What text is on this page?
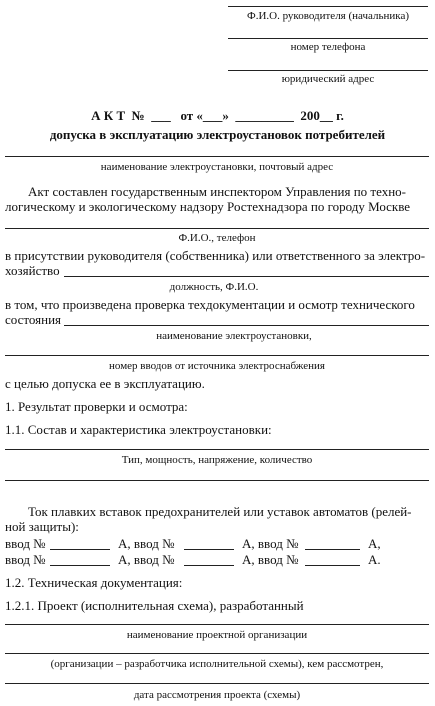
Ф.И.О. руководителя (начальника)
номер телефона
юридический адрес
А К Т  №  ___   от «___»  _________  200__ г.
допуска в эксплуатацию электроустановок потребителей
наименование электроустановки, почтовый адрес
Акт составлен государственным инспектором Управления по техно-
логическому и экологическому надзору Ростехнадзора по городу Москве
Ф.И.О., телефон
в присутствии руководителя (собственника) или ответственного за электро-
хозяйство
должность, Ф.И.О.
в том, что произведена проверка техдокументации и осмотр технического
состояния
наименование электроустановки,
номер вводов от источника электроснабжения
с целью допуска ее в эксплуатацию.
1. Результат проверки и осмотра:
1.1. Состав и характеристика электроустановки:
Тип, мощность, напряжение, количество
Ток плавких вставок предохранителей или уставок автоматов (релей-
ной защиты):
ввод №	А, ввод №	А, ввод №	А,
ввод №	А, ввод №	А, ввод №	А.
1.2. Техническая документация:
1.2.1. Проект (исполнительная схема), разработанный
наименование проектной организации
(организации – разработчика исполнительной схемы), кем рассмотрен,
дата рассмотрения проекта (схемы)
